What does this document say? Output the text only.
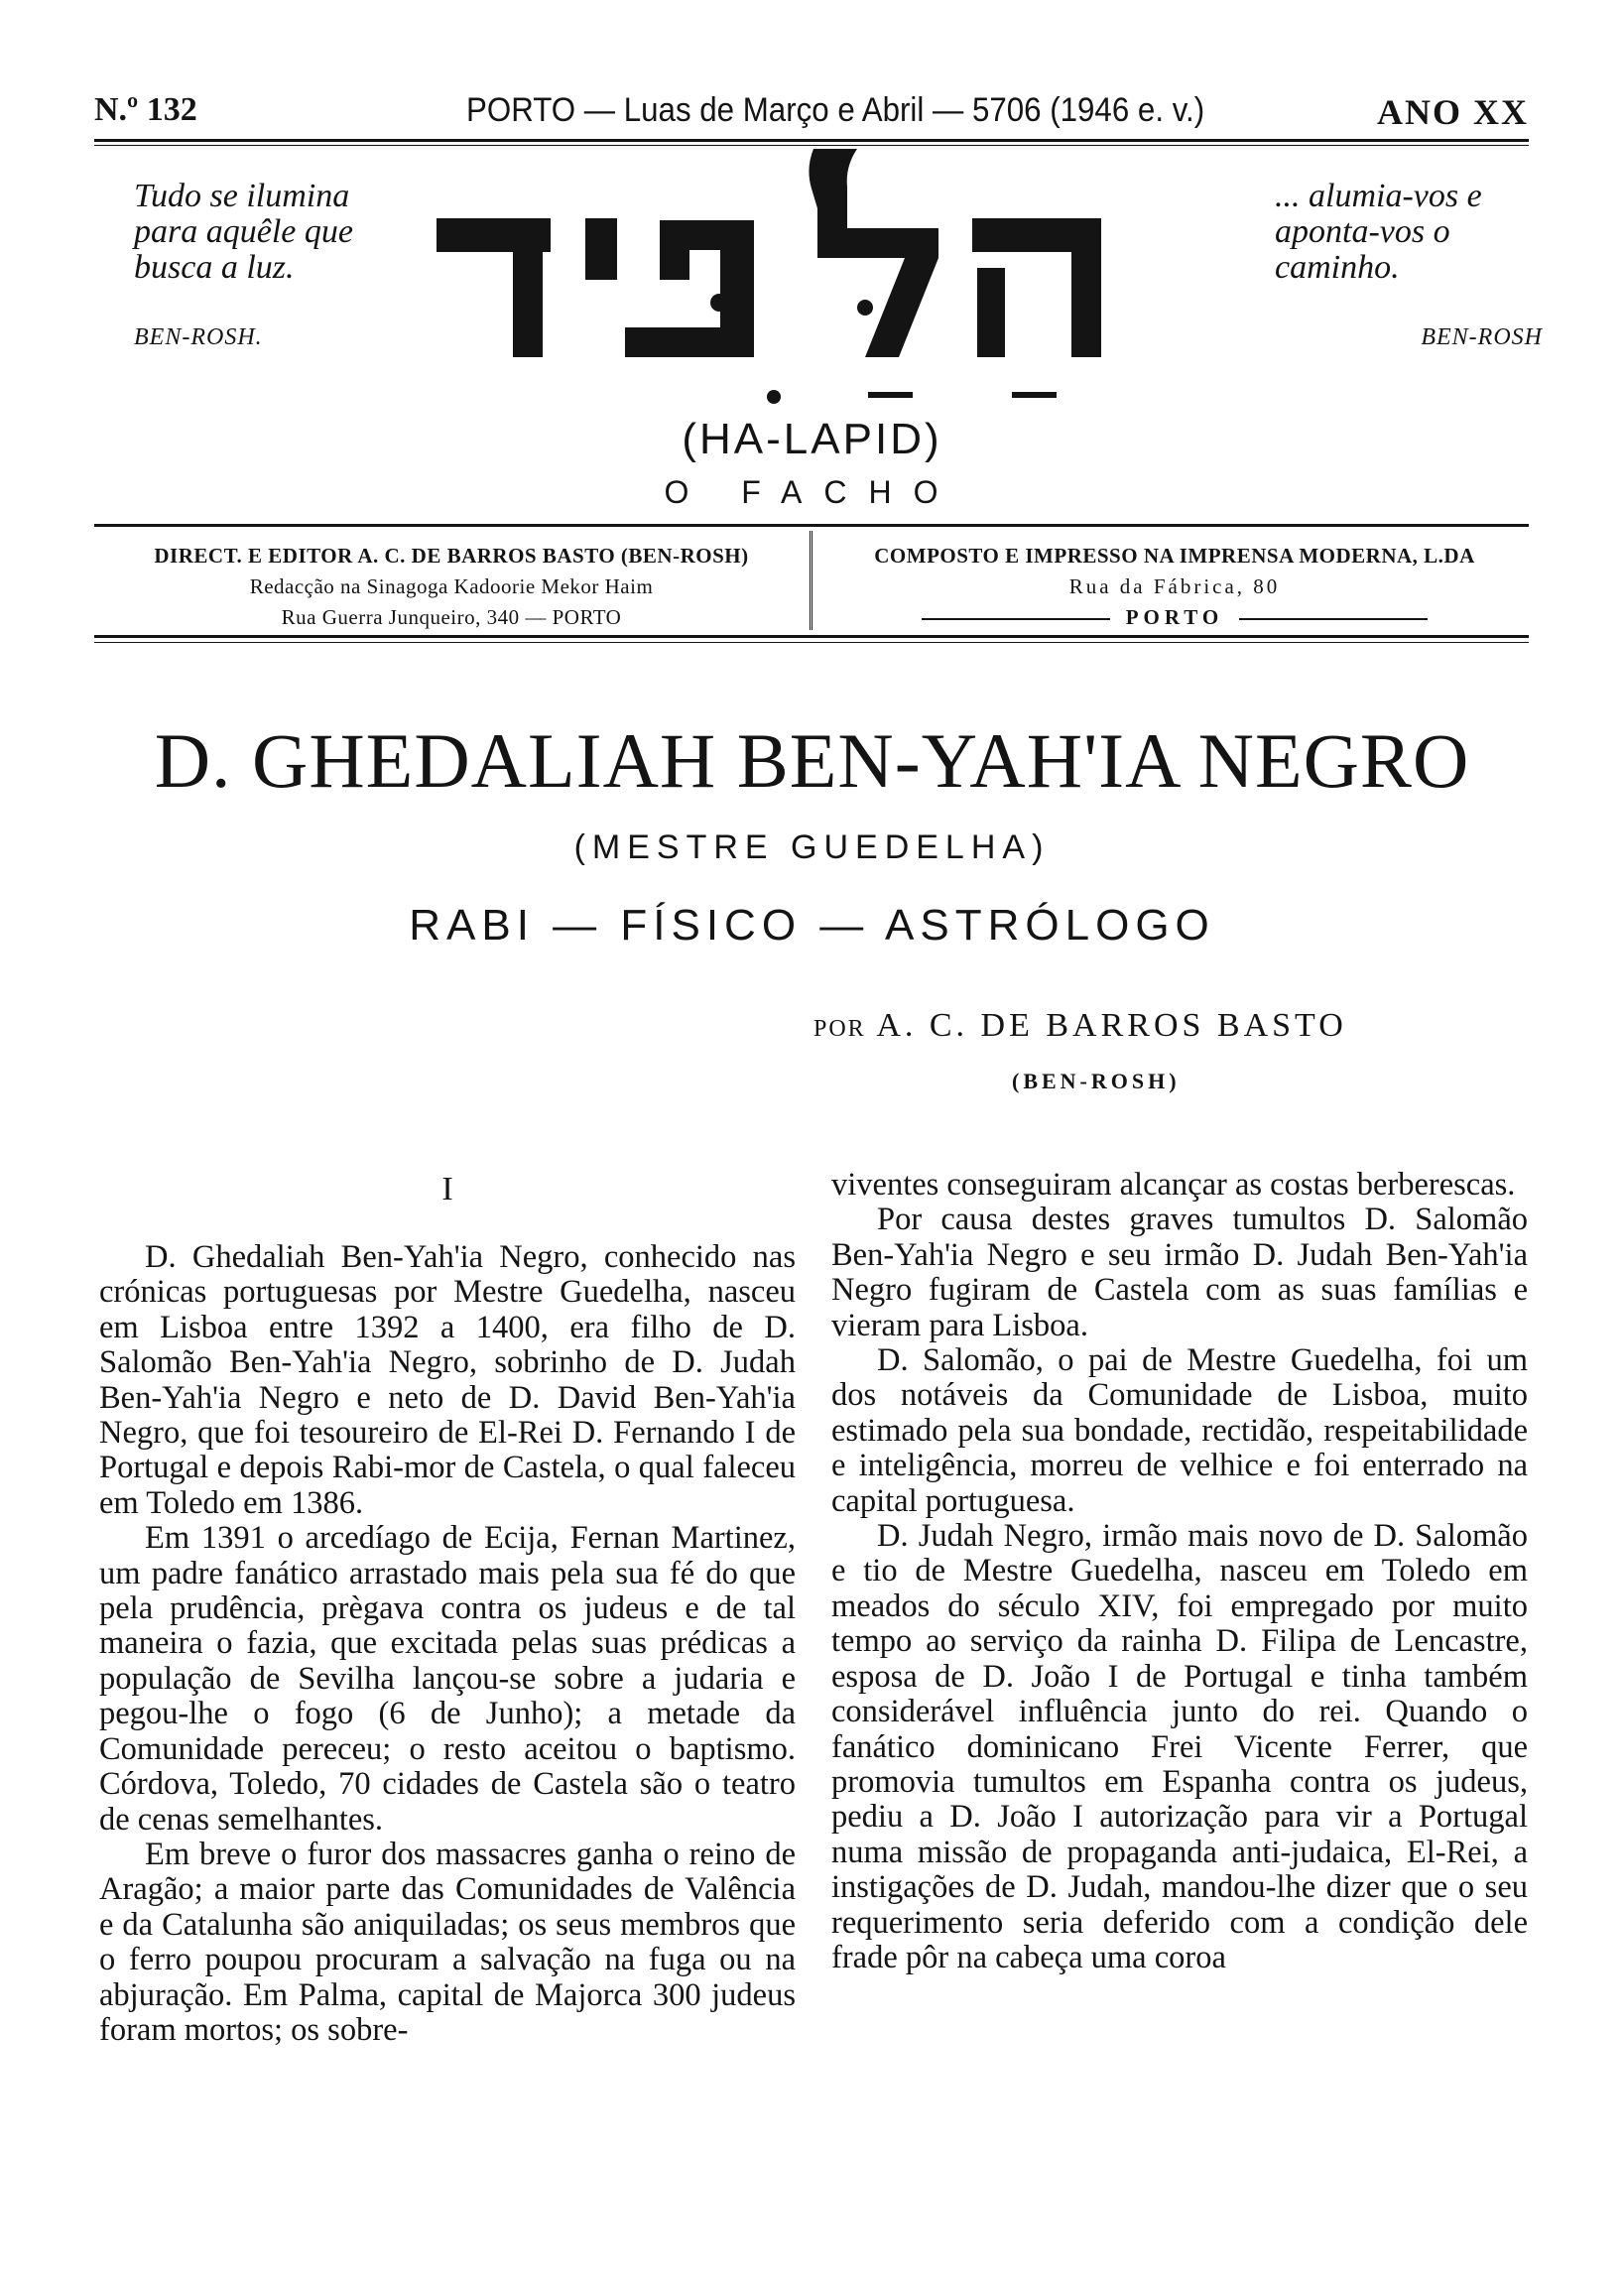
N.º 132	PORTO — Luas de Março e Abril — 5706 (1946 e. v.)	ANO XX
Tudo se ilumina para aquêle que busca a luz.
BEN-ROSH.
... alumia-vos e aponta-vos o caminho.
BEN-ROSH
(HA-LAPID)
O FACHO
DIRECT. E EDITOR A. C. DE BARROS BASTO (BEN-ROSH)
Redacção na Sinagoga Kadoorie Mekor Haim
Rua Guerra Junqueiro, 340 — PORTO
COMPOSTO E IMPRESSO NA IMPRENSA MODERNA, L.DA
Rua da Fábrica, 80
PORTO
D. GHEDALIAH BEN-YAH'IA NEGRO
(MESTRE GUEDELHA)
RABI — FÍSICO — ASTRÓLOGO
POR A. C. DE BARROS BASTO
(BEN-ROSH)
I

D. Ghedaliah Ben-Yah'ia Negro, conhecido nas crónicas portuguesas por Mestre Guedelha, nasceu em Lisboa entre 1392 a 1400, era filho de D. Salomão Ben-Yah'ia Negro, sobrinho de D. Judah Ben-Yah'ia Negro e neto de D. David Ben-Yah'ia Negro, que foi tesoureiro de El-Rei D. Fernando I de Portugal e depois Rabi-mor de Castela, o qual faleceu em Toledo em 1386.

Em 1391 o arcedíago de Ecija, Fernan Martinez, um padre fanático arrastado mais pela sua fé do que pela prudência, prègava contra os judeus e de tal maneira o fazia, que excitada pelas suas prédicas a população de Sevilha lançou-se sobre a judaria e pegou-lhe o fogo (6 de Junho); a metade da Comunidade pereceu; o resto aceitou o baptismo. Córdova, Toledo, 70 cidades de Castela são o teatro de cenas semelhantes.

Em breve o furor dos massacres ganha o reino de Aragão; a maior parte das Comunidades de Valência e da Catalunha são aniquiladas; os seus membros que o ferro poupou procuram a salvação na fuga ou na abjuração. Em Palma, capital de Majorca 300 judeus foram mortos; os sobre-

viventes conseguiram alcançar as costas berberescas.

Por causa destes graves tumultos D. Salomão Ben-Yah'ia Negro e seu irmão D. Judah Ben-Yah'ia Negro fugiram de Castela com as suas famílias e vieram para Lisboa.

D. Salomão, o pai de Mestre Guedelha, foi um dos notáveis da Comunidade de Lisboa, muito estimado pela sua bondade, rectidão, respeitabilidade e inteligência, morreu de velhice e foi enterrado na capital portuguesa.

D. Judah Negro, irmão mais novo de D. Salomão e tio de Mestre Guedelha, nasceu em Toledo em meados do século XIV, foi empregado por muito tempo ao serviço da rainha D. Filipa de Lencastre, esposa de D. João I de Portugal e tinha também considerável influência junto do rei. Quando o fanático dominicano Frei Vicente Ferrer, que promovia tumultos em Espanha contra os judeus, pediu a D. João I autorização para vir a Portugal numa missão de propaganda anti-judaica, El-Rei, a instigações de D. Judah, mandou-lhe dizer que o seu requerimento seria deferido com a condição dele frade pôr na cabeça uma coroa
